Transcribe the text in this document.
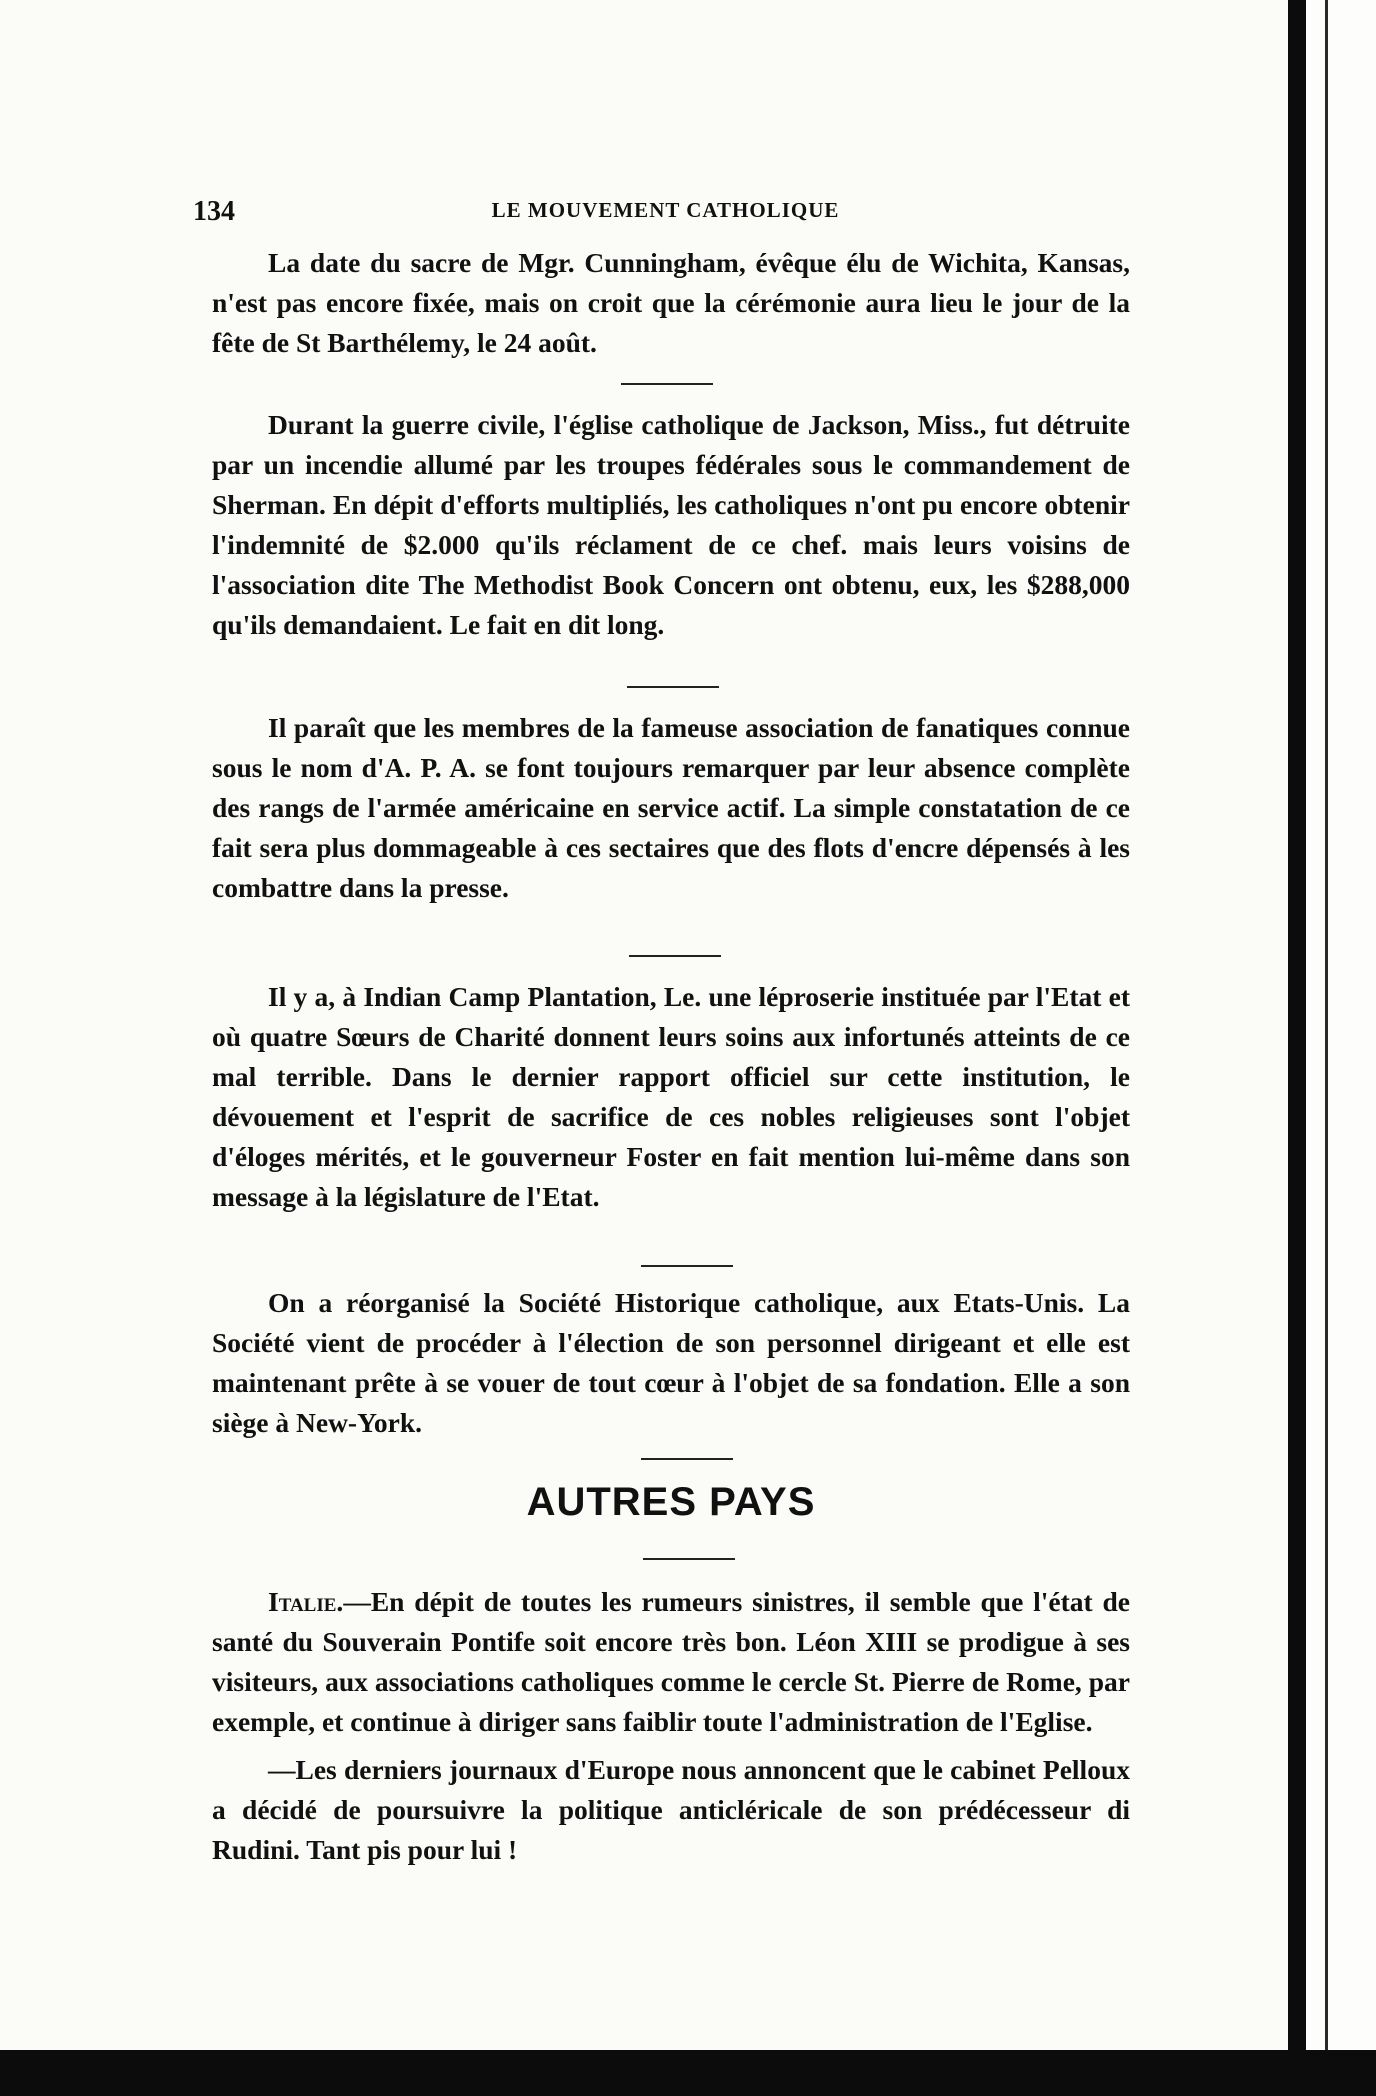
134	LE MOUVEMENT CATHOLIQUE

La date du sacre de Mgr. Cunningham, évêque élu de Wichita, Kansas, n'est pas encore fixée, mais on croit que la cérémonie aura lieu le jour de la fête de St Barthélemy, le 24 août.

Durant la guerre civile, l'église catholique de Jackson, Miss., fut détruite par un incendie allumé par les troupes fédérales sous le commandement de Sherman. En dépit d'efforts multipliés, les catholiques n'ont pu encore obtenir l'indemnité de $2.000 qu'ils réclament de ce chef. mais leurs voisins de l'association dite The Methodist Book Concern ont obtenu, eux, les $288,000 qu'ils demandaient. Le fait en dit long.

Il paraît que les membres de la fameuse association de fanatiques connue sous le nom d'A. P. A. se font toujours remarquer par leur absence complète des rangs de l'armée américaine en service actif. La simple constatation de ce fait sera plus dommageable à ces sectaires que des flots d'encre dépensés à les combattre dans la presse.

Il y a, à Indian Camp Plantation, Le. une léproserie instituée par l'Etat et où quatre Sœurs de Charité donnent leurs soins aux infortunés atteints de ce mal terrible. Dans le dernier rapport officiel sur cette institution, le dévouement et l'esprit de sacrifice de ces nobles religieuses sont l'objet d'éloges mérités, et le gouverneur Foster en fait mention lui-même dans son message à la législature de l'Etat.

On a réorganisé la Société Historique catholique, aux Etats-Unis. La Société vient de procéder à l'élection de son personnel dirigeant et elle est maintenant prête à se vouer de tout cœur à l'objet de sa fondation. Elle a son siège à New-York.

AUTRES PAYS

Italie.—En dépit de toutes les rumeurs sinistres, il semble que l'état de santé du Souverain Pontife soit encore très bon. Léon XIII se prodigue à ses visiteurs, aux associations catholiques comme le cercle St. Pierre de Rome, par exemple, et continue à diriger sans faiblir toute l'administration de l'Eglise.

—Les derniers journaux d'Europe nous annoncent que le cabinet Pelloux a décidé de poursuivre la politique anticléricale de son prédécesseur di Rudini. Tant pis pour lui !
